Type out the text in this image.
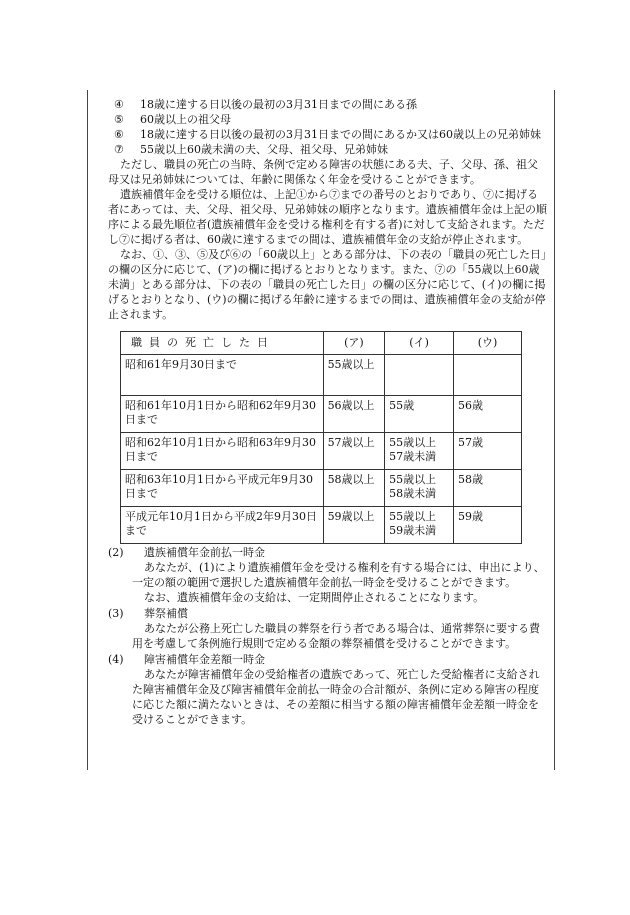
④	18歳に達する日以後の最初の3月31日までの間にある孫
⑤	60歳以上の祖父母
⑥	18歳に達する日以後の最初の3月31日までの間にあるか又は60歳以上の兄弟姉妹
⑦	55歳以上60歳未満の夫、父母、祖父母、兄弟姉妹

ただし、職員の死亡の当時、条例で定める障害の状態にある夫、子、父母、孫、祖父母又は兄弟姉妹については、年齢に関係なく年金を受けることができます。

遺族補償年金を受ける順位は、上記①から⑦までの番号のとおりであり、⑦に掲げる者にあっては、夫、父母、祖父母、兄弟姉妹の順序となります。遺族補償年金は上記の順序による最先順位者(遺族補償年金を受ける権利を有する者)に対して支給されます。ただし⑦に掲げる者は、60歳に達するまでの間は、遺族補償年金の支給が停止されます。

なお、①、③、⑤及び⑥の「60歳以上」とある部分は、下の表の「職員の死亡した日」の欄の区分に応じて、(ア)の欄に掲げるとおりとなります。また、⑦の「55歳以上60歳未満」とある部分は、下の表の「職員の死亡した日」の欄の区分に応じて、(イ)の欄に掲げるとおりとなり、(ウ)の欄に掲げる年齢に達するまでの間は、遺族補償年金の支給が停止されます。

職員の死亡した日	(ア)	(イ)	(ウ)
昭和61年9月30日まで	55歳以上		
昭和61年10月1日から昭和62年9月30日まで	56歳以上	55歳	56歳
昭和62年10月1日から昭和63年9月30日まで	57歳以上	55歳以上57歳未満	57歳
昭和63年10月1日から平成元年9月30日まで	58歳以上	55歳以上58歳未満	58歳
平成元年10月1日から平成2年9月30日まで	59歳以上	55歳以上59歳未満	59歳
(2)	遺族補償年金前払一時金

あなたが、(1)により遺族補償年金を受ける権利を有する場合には、申出により、一定の額の範囲で選択した遺族補償年金前払一時金を受けることができます。

なお、遺族補償年金の支給は、一定期間停止されることになります。

(3)	葬祭補償

あなたが公務上死亡した職員の葬祭を行う者である場合は、通常葬祭に要する費用を考慮して条例施行規則で定める金額の葬祭補償を受けることができます。

(4)	障害補償年金差額一時金

あなたが障害補償年金の受給権者の遺族であって、死亡した受給権者に支給された障害補償年金及び障害補償年金前払一時金の合計額が、条例に定める障害の程度に応じた額に満たないときは、その差額に相当する額の障害補償年金差額一時金を受けることができます。
